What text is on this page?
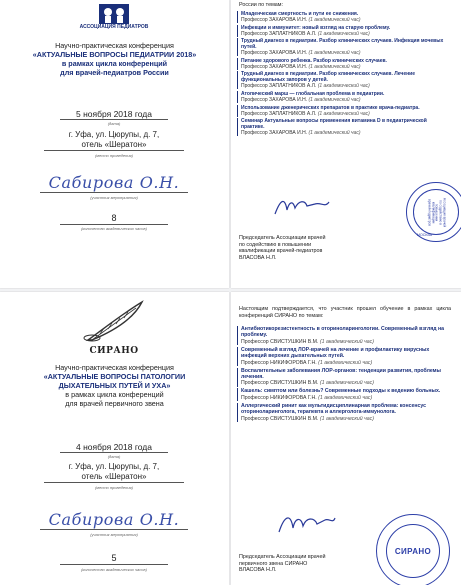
АССОЦИАЦИЯ ПЕДИАТРОВ
Научно-практическая конференция
«АКТУАЛЬНЫЕ ВОПРОСЫ ПЕДИАТРИИ 2018»
в рамках цикла конференций
для врачей-педиатров России
5 ноября 2018 года
(дата)
г. Уфа, ул. Цюрупы, д. 7,
отель «Шератон»
(место проведения)
Сабирова О.Н.
(участник мероприятия)
8
(количество академических часов)
России по темам:
Младенческая смертность и пути ее снижения.
Профессор ЗАХАРОВА И.Н. (1 академический час)
Инфекции и иммунитет: новый взгляд на старую проблему.
Профессор ЗАПЛАТНИКОВ А.Л. (1 академический час)
Трудный диагноз в педиатрии. Разбор клинических случаев. Инфекция мочевых путей.
Профессор ЗАХАРОВА И.Н. (1 академический час)
Питание здорового ребенка. Разбор клинических случаев.
Профессор ЗАХАРОВА И.Н. (1 академический час)
Трудный диагноз в педиатрии. Разбор клинических случаев. Лечение функциональных запоров у детей.
Профессор ЗАПЛАТНИКОВ А.Л. (1 академический час)
Атопический марш — глобальная проблема в педиатрии.
Профессор ЗАХАРОВА И.Н. (1 академический час)
Использование дженерических препаратов в практике врача-педиатра.
Профессор ЗАПЛАТНИКОВ А.Л. (1 академический час)
Семинар Актуальные вопросы применения витамина D в педиатрической практике.
Профессор ЗАХАРОВА И.Н. (1 академический час)
Председатель Ассоциации врачей
по содействию в повышении
квалификации врачей-педиатров
ВЛАСОВА Н.Л.
Ассоциация врачей по содействию в повышении квалификации врачей-педиатров
МОСКВА
СИРАНО
Научно-практическая конференция
«АКТУАЛЬНЫЕ ВОПРОСЫ ПАТОЛОГИИ
ДЫХАТЕЛЬНЫХ ПУТЕЙ И УХА»
в рамках цикла конференций
для врачей первичного звена
4 ноября 2018 года
(дата)
г. Уфа, ул. Цюрупы, д. 7,
отель «Шератон»
(место проведения)
Сабирова О.Н.
(участник мероприятия)
5
(количество академических часов)
Настоящим подтверждается, что участник прошел обучение в рамках цикла конференций СИРАНО по темам:
Антибиотикорезистентность в оториноларингологии. Современный взгляд на проблему.
Профессор СВИСТУШКИН В.М. (1 академический час)
Современный взгляд ЛОР-врачей на лечение и профилактику вирусных инфекций верхних дыхательных путей.
Профессор НИКИФОРОВА Г.Н. (1 академический час)
Воспалительные заболевания ЛОР-органов: тенденции развития, проблемы лечения.
Профессор СВИСТУШКИН В.М. (1 академический час)
Кашель: симптом или болезнь? Современные подходы к ведению больных.
Профессор НИКИФОРОВА Г.Н. (1 академический час)
Аллергический ринит как мультидисциплинарная проблема: консенсус оториноларинголога, терапевта и аллерголога-иммунолога.
Профессор СВИСТУШКИН В.М. (1 академический час)
Председатель Ассоциации врачей
первичного звена СИРАНО
ВЛАСОВА Н.Л.
СИРАНО
